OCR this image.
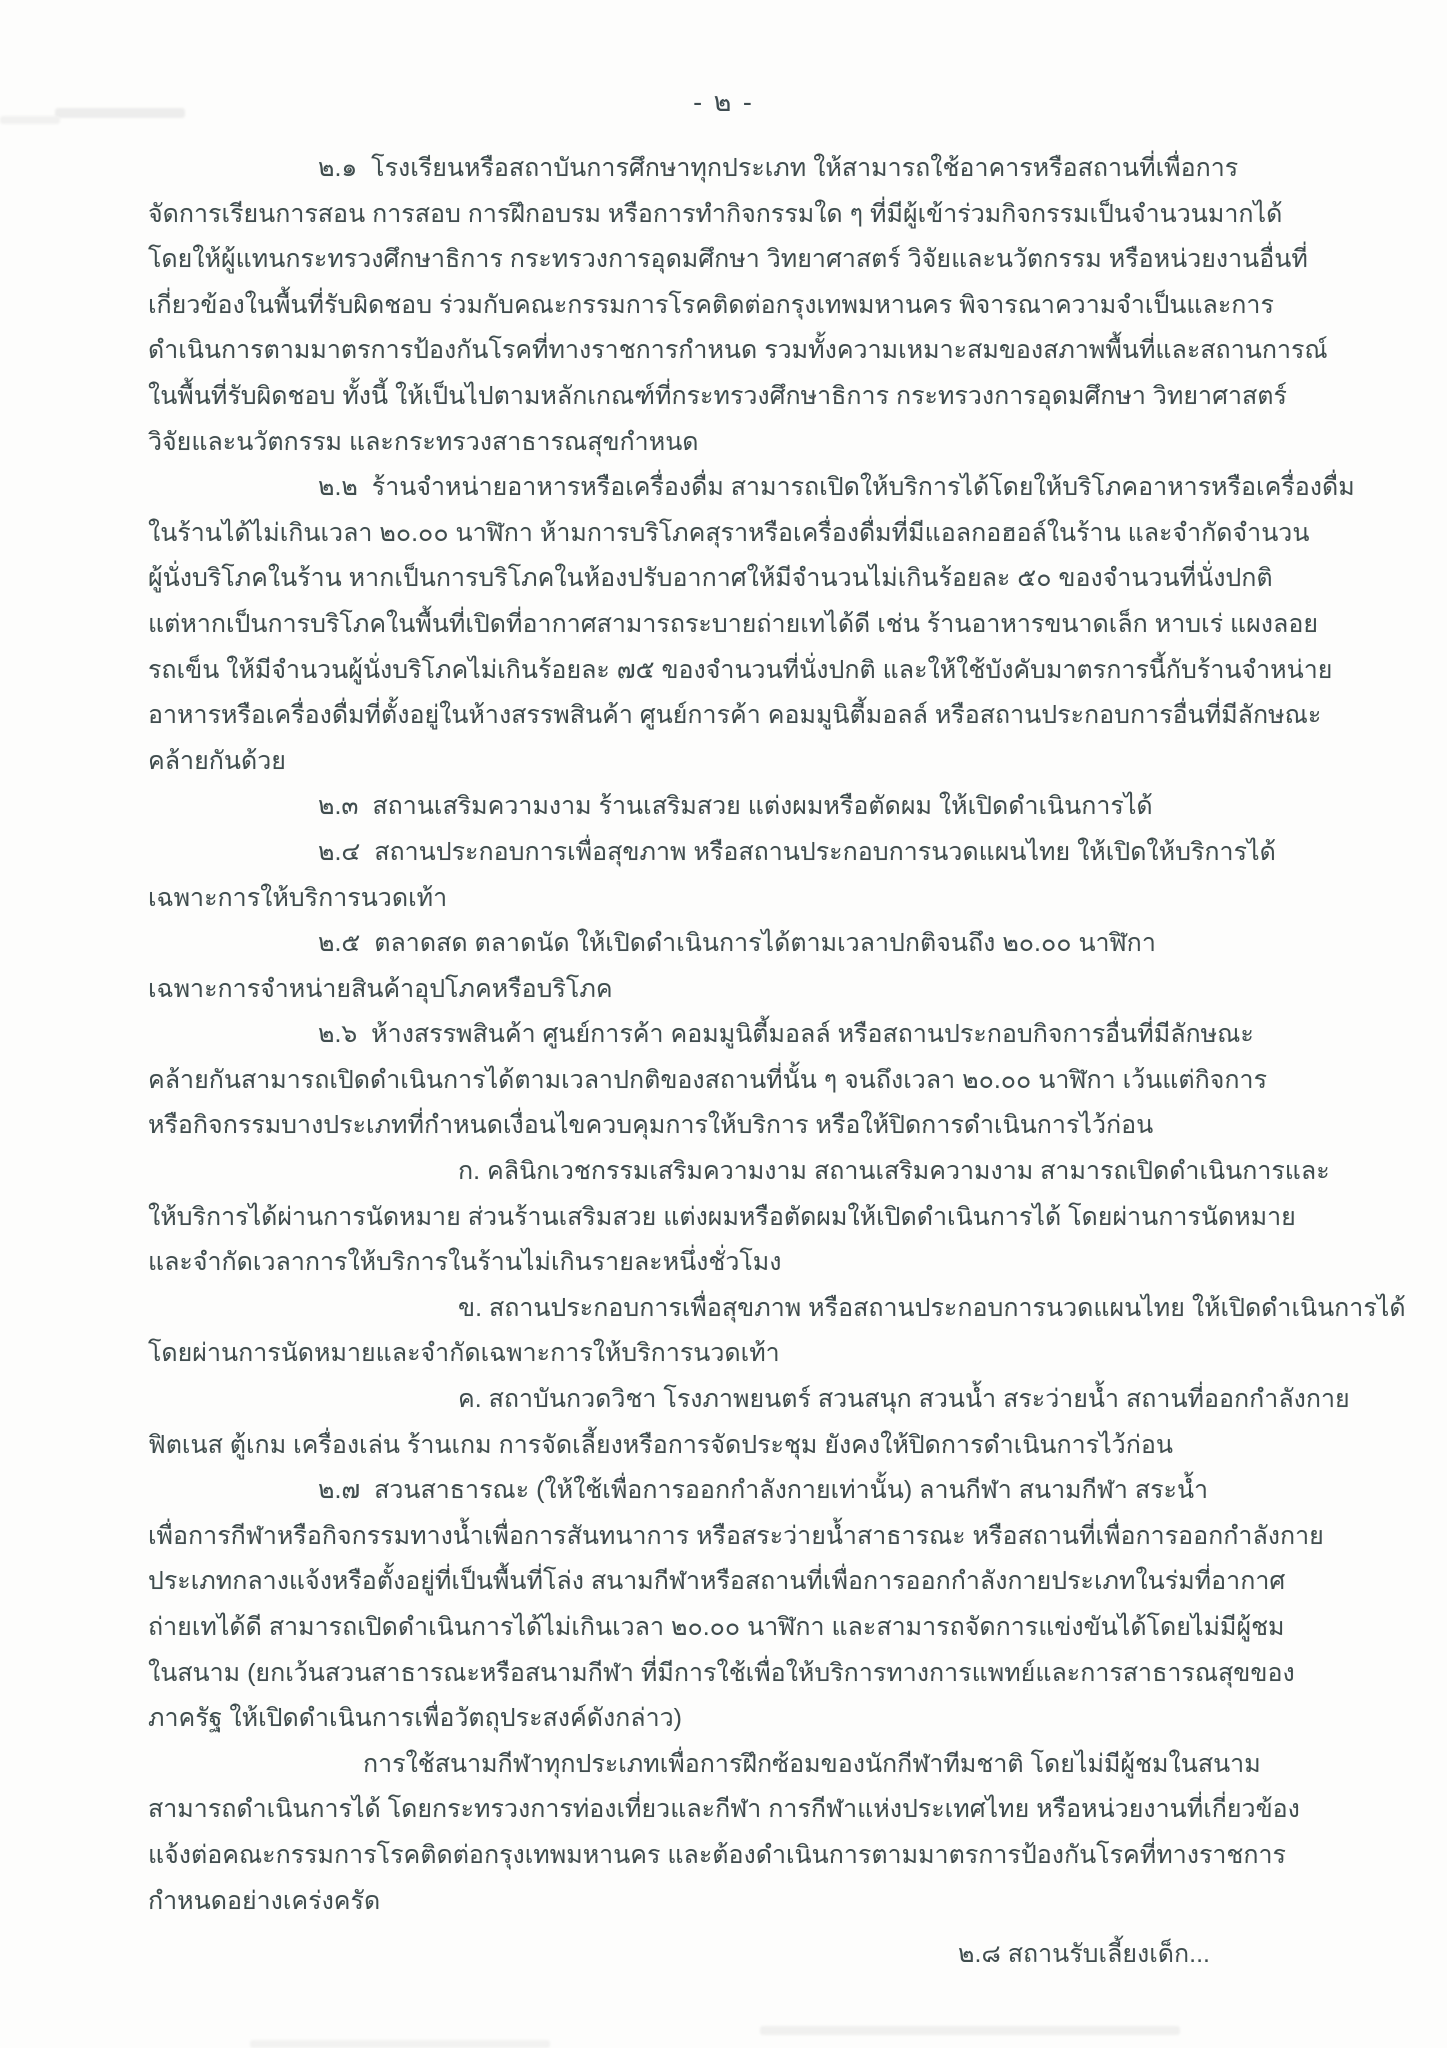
- ๒ -

๒.๑  โรงเรียนหรือสถาบันการศึกษาทุกประเภท ให้สามารถใช้อาคารหรือสถานที่เพื่อการ

จัดการเรียนการสอน การสอบ การฝึกอบรม หรือการทำกิจกรรมใด ๆ ที่มีผู้เข้าร่วมกิจกรรมเป็นจำนวนมากได้

โดยให้ผู้แทนกระทรวงศึกษาธิการ กระทรวงการอุดมศึกษา วิทยาศาสตร์ วิจัยและนวัตกรรม หรือหน่วยงานอื่นที่

เกี่ยวข้องในพื้นที่รับผิดชอบ ร่วมกับคณะกรรมการโรคติดต่อกรุงเทพมหานคร พิจารณาความจำเป็นและการ

ดำเนินการตามมาตรการป้องกันโรคที่ทางราชการกำหนด รวมทั้งความเหมาะสมของสภาพพื้นที่และสถานการณ์

ในพื้นที่รับผิดชอบ ทั้งนี้ ให้เป็นไปตามหลักเกณฑ์ที่กระทรวงศึกษาธิการ กระทรวงการอุดมศึกษา วิทยาศาสตร์

วิจัยและนวัตกรรม และกระทรวงสาธารณสุขกำหนด

๒.๒  ร้านจำหน่ายอาหารหรือเครื่องดื่ม สามารถเปิดให้บริการได้โดยให้บริโภคอาหารหรือเครื่องดื่ม

ในร้านได้ไม่เกินเวลา ๒๐.๐๐ นาฬิกา ห้ามการบริโภคสุราหรือเครื่องดื่มที่มีแอลกอฮอล์ในร้าน และจำกัดจำนวน

ผู้นั่งบริโภคในร้าน หากเป็นการบริโภคในห้องปรับอากาศให้มีจำนวนไม่เกินร้อยละ ๕๐ ของจำนวนที่นั่งปกติ

แต่หากเป็นการบริโภคในพื้นที่เปิดที่อากาศสามารถระบายถ่ายเทได้ดี เช่น ร้านอาหารขนาดเล็ก หาบเร่ แผงลอย

รถเข็น ให้มีจำนวนผู้นั่งบริโภคไม่เกินร้อยละ ๗๕ ของจำนวนที่นั่งปกติ และให้ใช้บังคับมาตรการนี้กับร้านจำหน่าย

อาหารหรือเครื่องดื่มที่ตั้งอยู่ในห้างสรรพสินค้า ศูนย์การค้า คอมมูนิตี้มอลล์ หรือสถานประกอบการอื่นที่มีลักษณะ

คล้ายกันด้วย

๒.๓  สถานเสริมความงาม ร้านเสริมสวย แต่งผมหรือตัดผม ให้เปิดดำเนินการได้

๒.๔  สถานประกอบการเพื่อสุขภาพ หรือสถานประกอบการนวดแผนไทย ให้เปิดให้บริการได้

เฉพาะการให้บริการนวดเท้า

๒.๕  ตลาดสด ตลาดนัด ให้เปิดดำเนินการได้ตามเวลาปกติจนถึง ๒๐.๐๐ นาฬิกา

เฉพาะการจำหน่ายสินค้าอุปโภคหรือบริโภค

๒.๖  ห้างสรรพสินค้า ศูนย์การค้า คอมมูนิตี้มอลล์ หรือสถานประกอบกิจการอื่นที่มีลักษณะ

คล้ายกันสามารถเปิดดำเนินการได้ตามเวลาปกติของสถานที่นั้น ๆ จนถึงเวลา ๒๐.๐๐ นาฬิกา เว้นแต่กิจการ

หรือกิจกรรมบางประเภทที่กำหนดเงื่อนไขควบคุมการให้บริการ หรือให้ปิดการดำเนินการไว้ก่อน

ก. คลินิกเวชกรรมเสริมความงาม สถานเสริมความงาม สามารถเปิดดำเนินการและ

ให้บริการได้ผ่านการนัดหมาย ส่วนร้านเสริมสวย แต่งผมหรือตัดผมให้เปิดดำเนินการได้ โดยผ่านการนัดหมาย

และจำกัดเวลาการให้บริการในร้านไม่เกินรายละหนึ่งชั่วโมง

ข. สถานประกอบการเพื่อสุขภาพ หรือสถานประกอบการนวดแผนไทย ให้เปิดดำเนินการได้

โดยผ่านการนัดหมายและจำกัดเฉพาะการให้บริการนวดเท้า

ค. สถาบันกวดวิชา โรงภาพยนตร์ สวนสนุก สวนน้ำ สระว่ายน้ำ สถานที่ออกกำลังกาย

ฟิตเนส ตู้เกม เครื่องเล่น ร้านเกม การจัดเลี้ยงหรือการจัดประชุม ยังคงให้ปิดการดำเนินการไว้ก่อน

๒.๗  สวนสาธารณะ (ให้ใช้เพื่อการออกกำลังกายเท่านั้น) ลานกีฬา สนามกีฬา สระน้ำ

เพื่อการกีฬาหรือกิจกรรมทางน้ำเพื่อการสันทนาการ หรือสระว่ายน้ำสาธารณะ หรือสถานที่เพื่อการออกกำลังกาย

ประเภทกลางแจ้งหรือตั้งอยู่ที่เป็นพื้นที่โล่ง สนามกีฬาหรือสถานที่เพื่อการออกกำลังกายประเภทในร่มที่อากาศ

ถ่ายเทได้ดี สามารถเปิดดำเนินการได้ไม่เกินเวลา ๒๐.๐๐ นาฬิกา และสามารถจัดการแข่งขันได้โดยไม่มีผู้ชม

ในสนาม (ยกเว้นสวนสาธารณะหรือสนามกีฬา ที่มีการใช้เพื่อให้บริการทางการแพทย์และการสาธารณสุขของ

ภาครัฐ ให้เปิดดำเนินการเพื่อวัตถุประสงค์ดังกล่าว)

การใช้สนามกีฬาทุกประเภทเพื่อการฝึกซ้อมของนักกีฬาทีมชาติ โดยไม่มีผู้ชมในสนาม

สามารถดำเนินการได้ โดยกระทรวงการท่องเที่ยวและกีฬา การกีฬาแห่งประเทศไทย หรือหน่วยงานที่เกี่ยวข้อง

แจ้งต่อคณะกรรมการโรคติดต่อกรุงเทพมหานคร และต้องดำเนินการตามมาตรการป้องกันโรคที่ทางราชการ

กำหนดอย่างเคร่งครัด

๒.๘ สถานรับเลี้ยงเด็ก...
